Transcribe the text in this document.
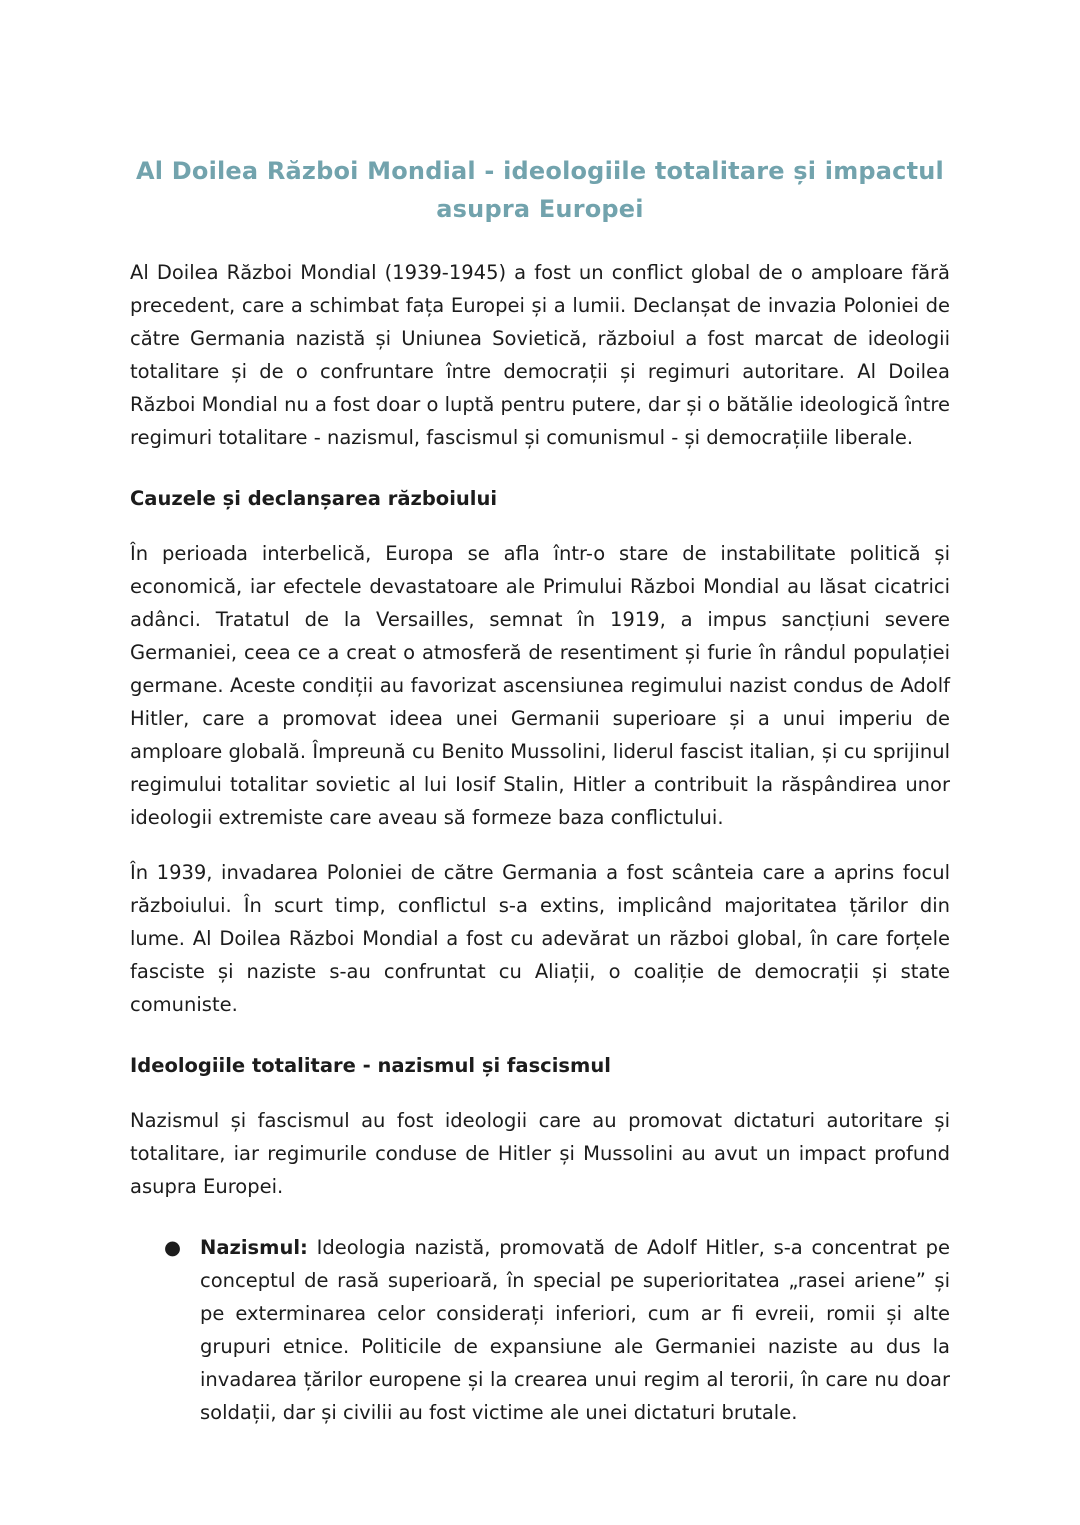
Al Doilea Război Mondial - ideologiile totalitare și impactul asupra Europei

Al Doilea Război Mondial (1939-1945) a fost un conflict global de o amploare fără precedent, care a schimbat fața Europei și a lumii. Declanșat de invazia Poloniei de către Germania nazistă și Uniunea Sovietică, războiul a fost marcat de ideologii totalitare și de o confruntare între democrații și regimuri autoritare. Al Doilea Război Mondial nu a fost doar o luptă pentru putere, dar și o bătălie ideologică între regimuri totalitare - nazismul, fascismul și comunismul - și democrațiile liberale.

Cauzele și declanșarea războiului

În perioada interbelică, Europa se afla într-o stare de instabilitate politică și economică, iar efectele devastatoare ale Primului Război Mondial au lăsat cicatrici adânci. Tratatul de la Versailles, semnat în 1919, a impus sancțiuni severe Germaniei, ceea ce a creat o atmosferă de resentiment și furie în rândul populației germane. Aceste condiții au favorizat ascensiunea regimului nazist condus de Adolf Hitler, care a promovat ideea unei Germanii superioare și a unui imperiu de amploare globală. Împreună cu Benito Mussolini, liderul fascist italian, și cu sprijinul regimului totalitar sovietic al lui Iosif Stalin, Hitler a contribuit la răspândirea unor ideologii extremiste care aveau să formeze baza conflictului.

În 1939, invadarea Poloniei de către Germania a fost scânteia care a aprins focul războiului. În scurt timp, conflictul s-a extins, implicând majoritatea țărilor din lume. Al Doilea Război Mondial a fost cu adevărat un război global, în care forțele fasciste și naziste s-au confruntat cu Aliații, o coaliție de democrații și state comuniste.

Ideologiile totalitare - nazismul și fascismul

Nazismul și fascismul au fost ideologii care au promovat dictaturi autoritare și totalitare, iar regimurile conduse de Hitler și Mussolini au avut un impact profund asupra Europei.

● Nazismul: Ideologia nazistă, promovată de Adolf Hitler, s-a concentrat pe conceptul de rasă superioară, în special pe superioritatea „rasei ariene” și pe exterminarea celor considerați inferiori, cum ar fi evreii, romii și alte grupuri etnice. Politicile de expansiune ale Germaniei naziste au dus la invadarea țărilor europene și la crearea unui regim al terorii, în care nu doar soldații, dar și civilii au fost victime ale unei dictaturi brutale.
